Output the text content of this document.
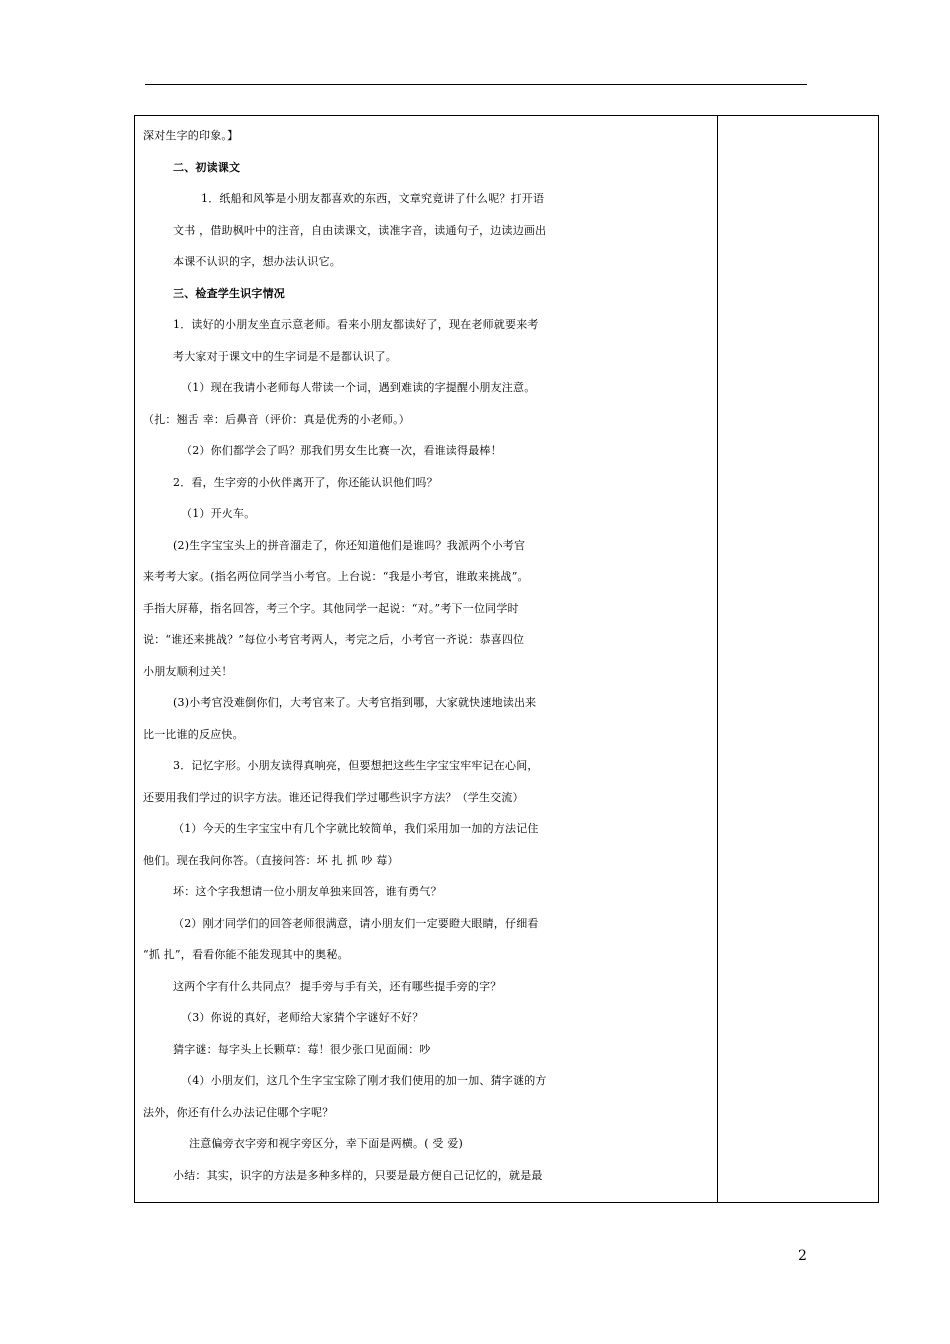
深对生字的印象。】

二、初读课文

1．纸船和风筝是小朋友都喜欢的东西，文章究竟讲了什么呢？打开语

文书 ，借助枫叶中的注音，自由读课文，读准字音，读通句子，边读边画出

本课不认识的字，想办法认识它。

三、检查学生识字情况

1．读好的小朋友坐直示意老师。看来小朋友都读好了，现在老师就要来考

考大家对于课文中的生字词是不是都认识了。

（1）现在我请小老师每人带读一个词，遇到难读的字提醒小朋友注意。

（扎：翘舌 幸：后鼻音（评价：真是优秀的小老师。）

（2）你们都学会了吗？那我们男女生比赛一次，看谁读得最棒！

2．看，生字旁的小伙伴离开了，你还能认识他们吗？

（1）开火车。

(2)生字宝宝头上的拼音溜走了，你还知道他们是谁吗？我派两个小考官

来考考大家。(指名两位同学当小考官。上台说：“我是小考官，谁敢来挑战”。

手指大屏幕，指名回答，考三个字。其他同学一起说：“对。”考下一位同学时

说：“谁还来挑战？”每位小考官考两人，考完之后，小考官一齐说：恭喜四位

小朋友顺利过关！

(3)小考官没难倒你们，大考官来了。大考官指到哪，大家就快速地读出来

比一比谁的反应快。

3．记忆字形。小朋友读得真响亮，但要想把这些生字宝宝牢牢记在心间，

还要用我们学过的识字方法。谁还记得我们学过哪些识字方法？（学生交流）

（1）今天的生字宝宝中有几个字就比较简单，我们采用加一加的方法记住

他们。现在我问你答。（直接问答：坏 扎 抓 吵 莓）

坏：这个字我想请一位小朋友单独来回答，谁有勇气？

（2）刚才同学们的回答老师很满意，请小朋友们一定要瞪大眼睛，仔细看

“抓 扎”，看看你能不能发现其中的奥秘。

这两个字有什么共同点？ 提手旁与手有关，还有哪些提手旁的字？

（3）你说的真好，老师给大家猜个字谜好不好？

猜字谜：每字头上长颗草：莓！很少张口见面闹：吵

（4）小朋友们，这几个生字宝宝除了刚才我们使用的加一加、猜字谜的方

法外，你还有什么办法记住哪个字呢？

注意偏旁衣字旁和视字旁区分，幸下面是两横。( 受 爱)

小结：其实，识字的方法是多种多样的，只要是最方便自己记忆的，就是最

2
